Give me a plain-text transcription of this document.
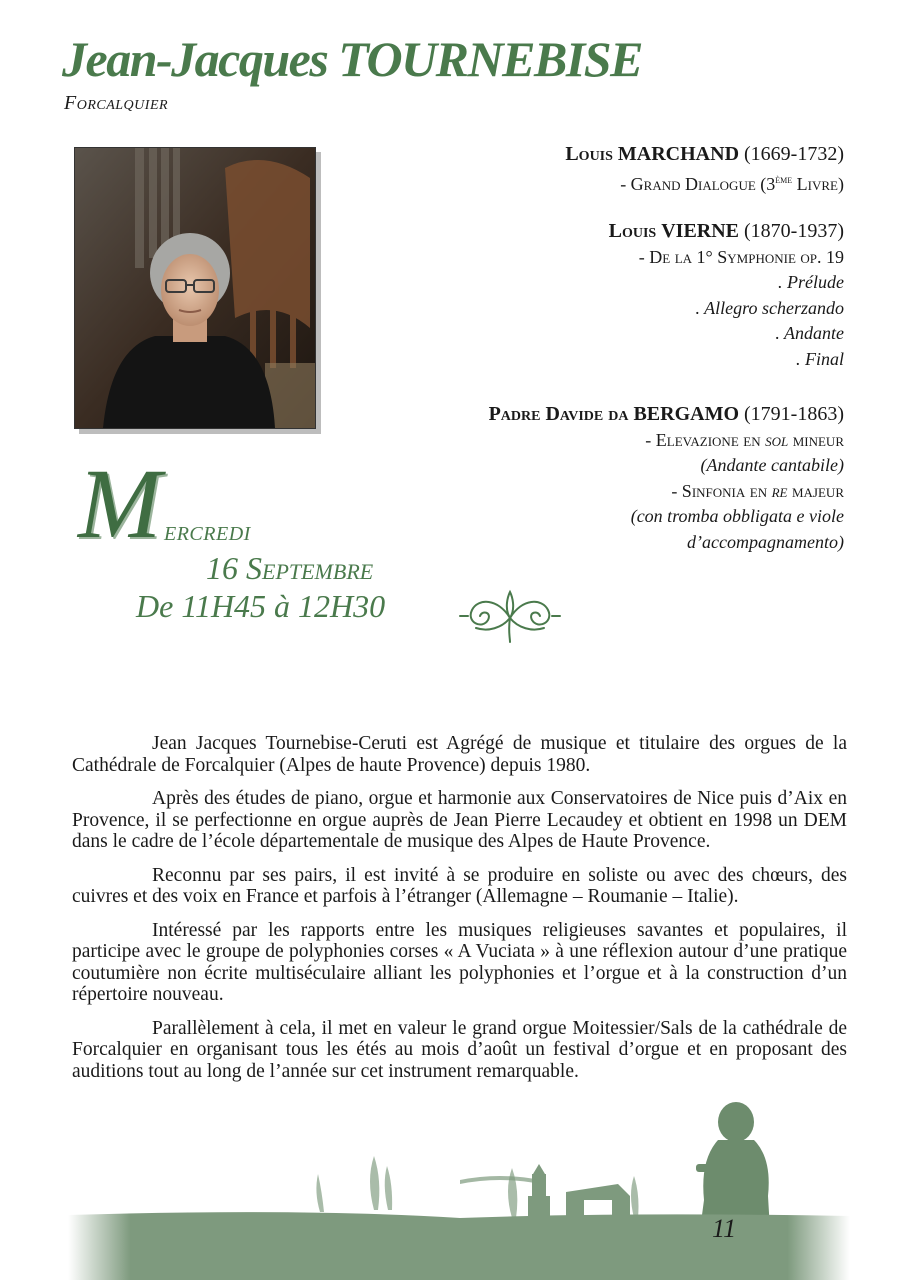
Jean-Jacques TOURNEBISE
Forcalquier
Louis MARCHAND (1669-1732)
- Grand Dialogue (3ème Livre)
Louis VIERNE (1870-1937)
- De la 1° Symphonie op. 19
. Prélude
. Allegro scherzando
. Andante
. Final
Padre Davide da BERGAMO (1791-1863)
- Elevazione en sol mineur
(Andante cantabile)
- Sinfonia en re majeur
(con tromba obbligata e viole d’accompagnamento)
M ercredi
16 Septembre
De 11H45 à 12H30

Jean Jacques Tournebise-Ceruti est Agrégé de musique et titulaire des orgues de la Cathédrale de Forcalquier (Alpes de haute Provence) depuis 1980.

Après des études de piano, orgue et harmonie aux Conservatoires de Nice puis d’Aix en Provence, il se perfectionne en orgue auprès de Jean Pierre Lecaudey et obtient en 1998 un DEM dans le cadre de l’école départementale de musique des Alpes de Haute Provence.

Reconnu par ses pairs, il est invité à se produire en soliste ou avec des chœurs, des cuivres et des voix en France et parfois à l’étranger (Allemagne – Roumanie – Italie).

Intéressé par les rapports entre les musiques religieuses savantes et populaires, il participe avec le groupe de polyphonies corses « A Vuciata » à une réflexion autour d’une pratique coutumière non écrite multiséculaire alliant les polyphonies et l’orgue et à la construction d’un répertoire nouveau.

Parallèlement à cela, il met en valeur le grand orgue Moitessier/Sals de la cathédrale de Forcalquier en organisant tous les étés au mois d’août un festival d’orgue et en proposant des auditions tout au long de l’année sur cet instrument remarquable.

11
